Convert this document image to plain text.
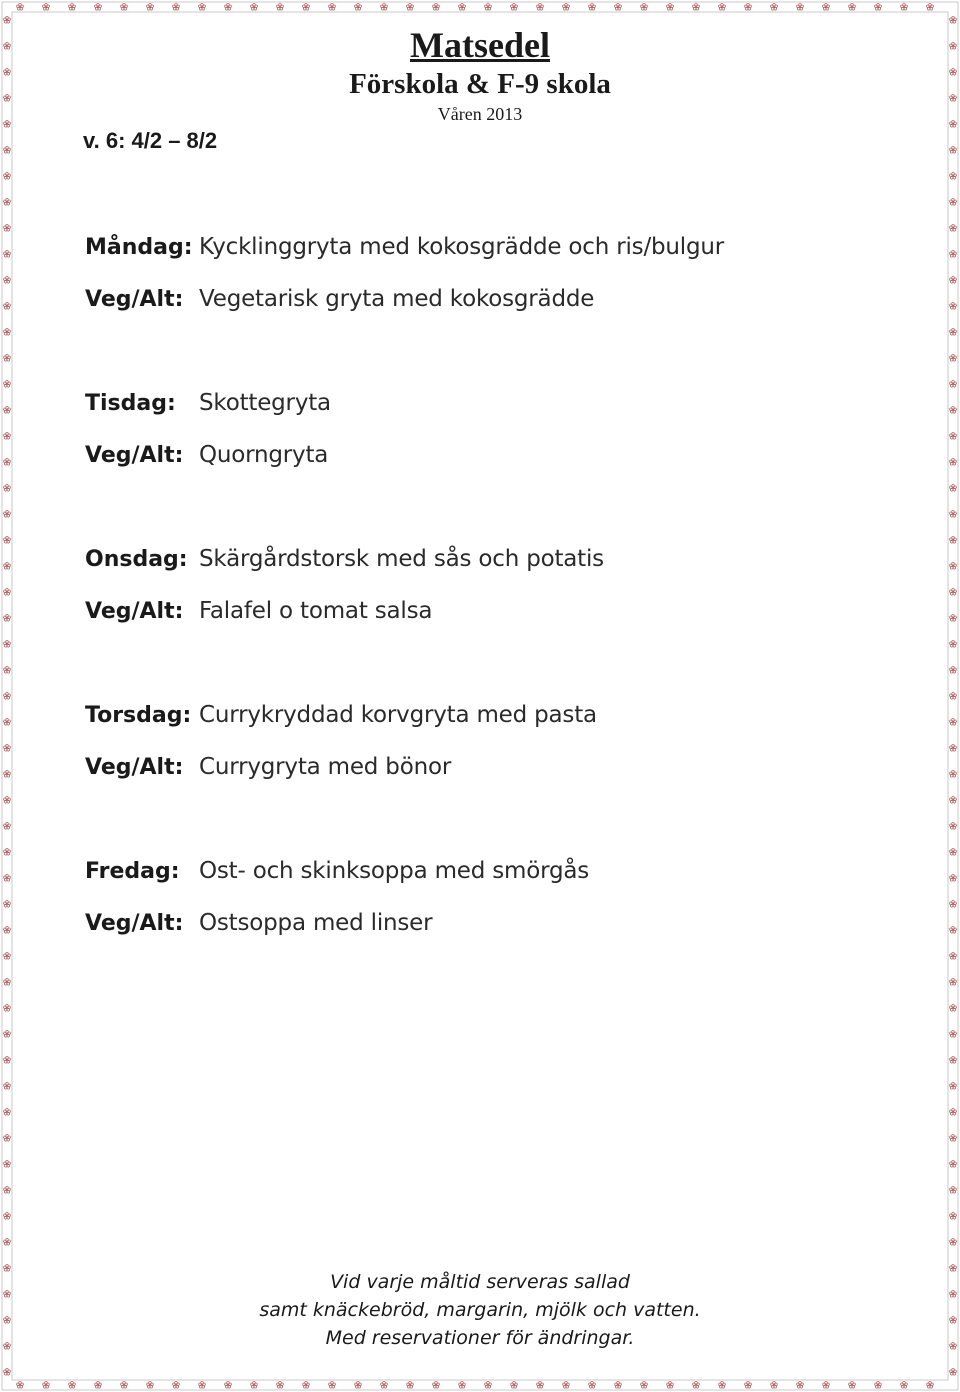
Matsedel
Förskola & F-9 skola
Våren 2013
v. 6: 4/2 – 8/2
Måndag: Kycklinggryta med kokosgrädde och ris/bulgur
Veg/Alt: Vegetarisk gryta med kokosgrädde
Tisdag:	Skottegryta
Veg/Alt: Quorngryta
Onsdag: Skärgårdstorsk med sås och potatis
Veg/Alt: Falafel o tomat salsa
Torsdag: Currykryddad korvgryta med pasta
Veg/Alt: Currygryta med bönor
Fredag: Ost- och skinksoppa med smörgås
Veg/Alt: Ostsoppa med linser
Vid varje måltid serveras sallad
samt knäckebröd, margarin, mjölk och vatten.
Med reservationer för ändringar.
